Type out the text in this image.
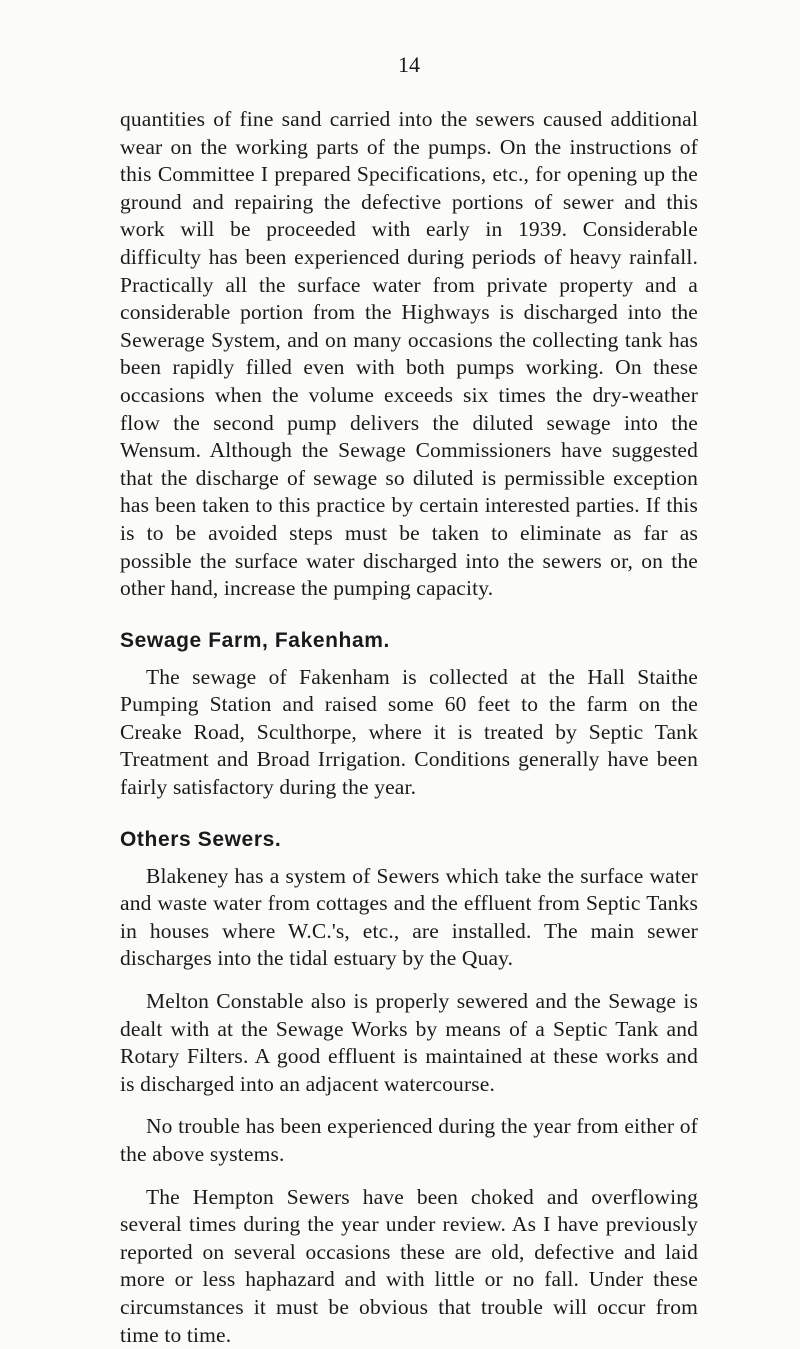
14

quantities of fine sand carried into the sewers caused additional wear on the working parts of the pumps. On the instructions of this Committee I prepared Specifications, etc., for opening up the ground and repairing the defective portions of sewer and this work will be proceeded with early in 1939. Considerable difficulty has been experienced during periods of heavy rainfall. Practically all the surface water from private property and a considerable portion from the Highways is discharged into the Sewerage System, and on many occasions the collecting tank has been rapidly filled even with both pumps working. On these occasions when the volume exceeds six times the dry-weather flow the second pump delivers the diluted sewage into the Wensum. Although the Sewage Commissioners have suggested that the discharge of sewage so diluted is permissible exception has been taken to this practice by certain interested parties. If this is to be avoided steps must be taken to eliminate as far as possible the surface water discharged into the sewers or, on the other hand, increase the pumping capacity.

Sewage Farm, Fakenham.

The sewage of Fakenham is collected at the Hall Staithe Pumping Station and raised some 60 feet to the farm on the Creake Road, Sculthorpe, where it is treated by Septic Tank Treatment and Broad Irrigation. Conditions generally have been fairly satisfactory during the year.

Others Sewers.

Blakeney has a system of Sewers which take the surface water and waste water from cottages and the effluent from Septic Tanks in houses where W.C.'s, etc., are installed. The main sewer discharges into the tidal estuary by the Quay.

Melton Constable also is properly sewered and the Sewage is dealt with at the Sewage Works by means of a Septic Tank and Rotary Filters. A good effluent is maintained at these works and is discharged into an adjacent watercourse.

No trouble has been experienced during the year from either of the above systems.

The Hempton Sewers have been choked and overflowing several times during the year under review. As I have previously reported on several occasions these are old, defective and laid more or less haphazard and with little or no fall. Under these circumstances it must be obvious that trouble will occur from time to time.
